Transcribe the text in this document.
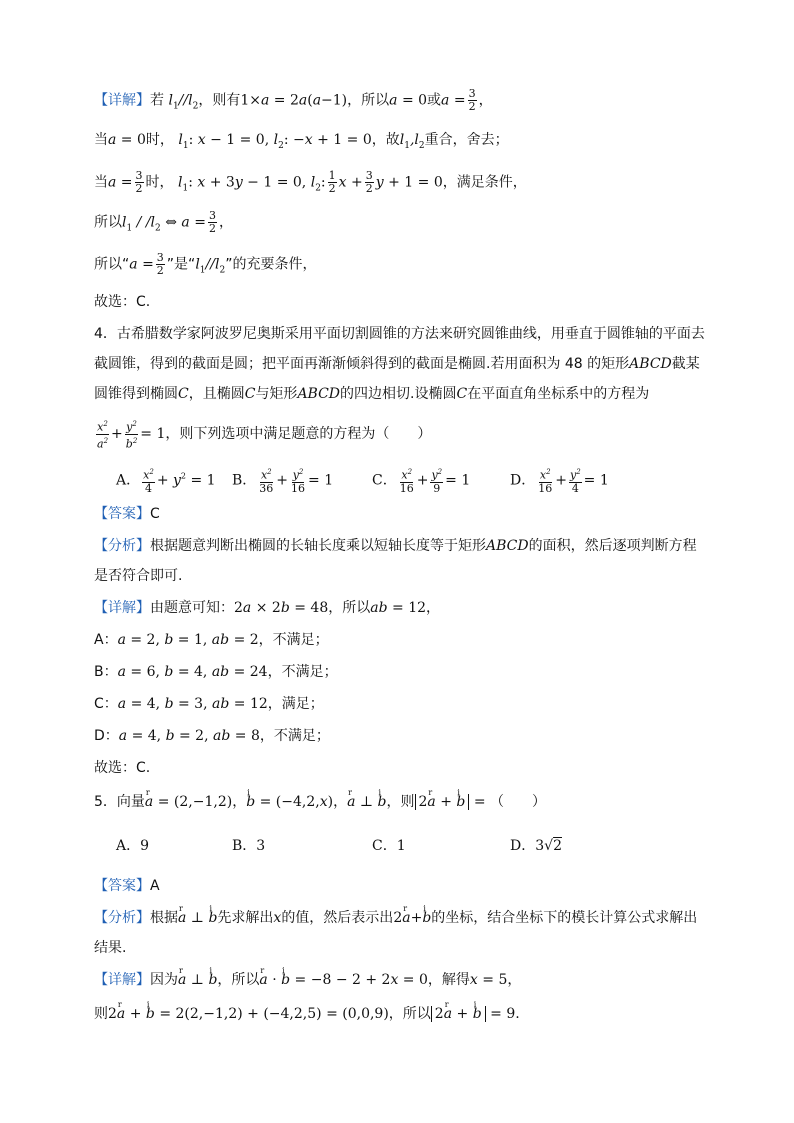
【详解】若 $l_1//l_2$，则有1×a = 2a(a−1)，所以a = 0或$a = \frac{3}{2}$ ，
当a = 0时， $l_1$: x − 1 = 0, $l_2$: −x + 1 = 0，故$l_1,l_2$重合，舍去；
当$a = \frac{3}{2}$ 时， $l_1$: x + 3y − 1 = 0, $l_2$: $\frac{1}{2}$ $x + \frac{3}{2}$ y + 1 = 0，满足条件，
所以$l_1 / /l_2$ ⇔ $a = \frac{3}{2}$ ，
所以“$a = \frac{3}{2}$ ”是“$l_1//l_2$”的充要条件，
故选：C.
4．古希腊数学家阿波罗尼奥斯采用平面切割圆锥的方法来研究圆锥曲线，用垂直于圆锥轴的平面去
截圆锥，得到的截面是圆；把平面再渐渐倾斜得到的截面是椭圆.若用面积为 48 的矩形ABCD截某
圆锥得到椭圆C，且椭圆C与矩形ABCD的四边相切.设椭圆C在平面直角坐标系中的方程为
$\frac{x^2}{a^2} + \frac{y^2}{b^2} = 1$，则下列选项中满足题意的方程为（　　）
A． $\frac{x^2}{4} + y^2 = 1$ B． $\frac{x^2}{36} + \frac{y^2}{16} = 1$	C． $\frac{x^2}{16} + \frac{y^2}{9} = 1$	D． $\frac{x^2}{16} + \frac{y^2}{4} = 1$
【答案】C
【分析】根据题意判断出椭圆的长轴长度乘以短轴长度等于矩形ABCD的面积，然后逐项判断方程
是否符合即可.
【详解】由题意可知：2a × 2b = 48，所以ab = 12，
A：a = 2, b = 1, ab = 2，不满足；
B：a = 6, b = 4, ab = 24，不满足；
C：a = 4, b = 3, ab = 12，满足；
D：a = 4, b = 2, ab = 8，不满足；
故选：C.
5．向量r a = (2,−1,2)，i b = (−4,2,x)，r a ⊥ i b，则 2r a + i b = （　　）
A．9	B．3	C．1	D．3√2
【答案】A
【分析】根据r a ⊥ i b先求解出x的值，然后表示出2r a+i b的坐标，结合坐标下的模长计算公式求解出
结果.
【详解】因为r a ⊥ i b，所以r a · i b = −8 − 2 + 2x = 0，解得x = 5，
则2r a + i b = 2(2,−1,2) + (−4,2,5) = (0,0,9)，所以 2r a + i b = 9.
